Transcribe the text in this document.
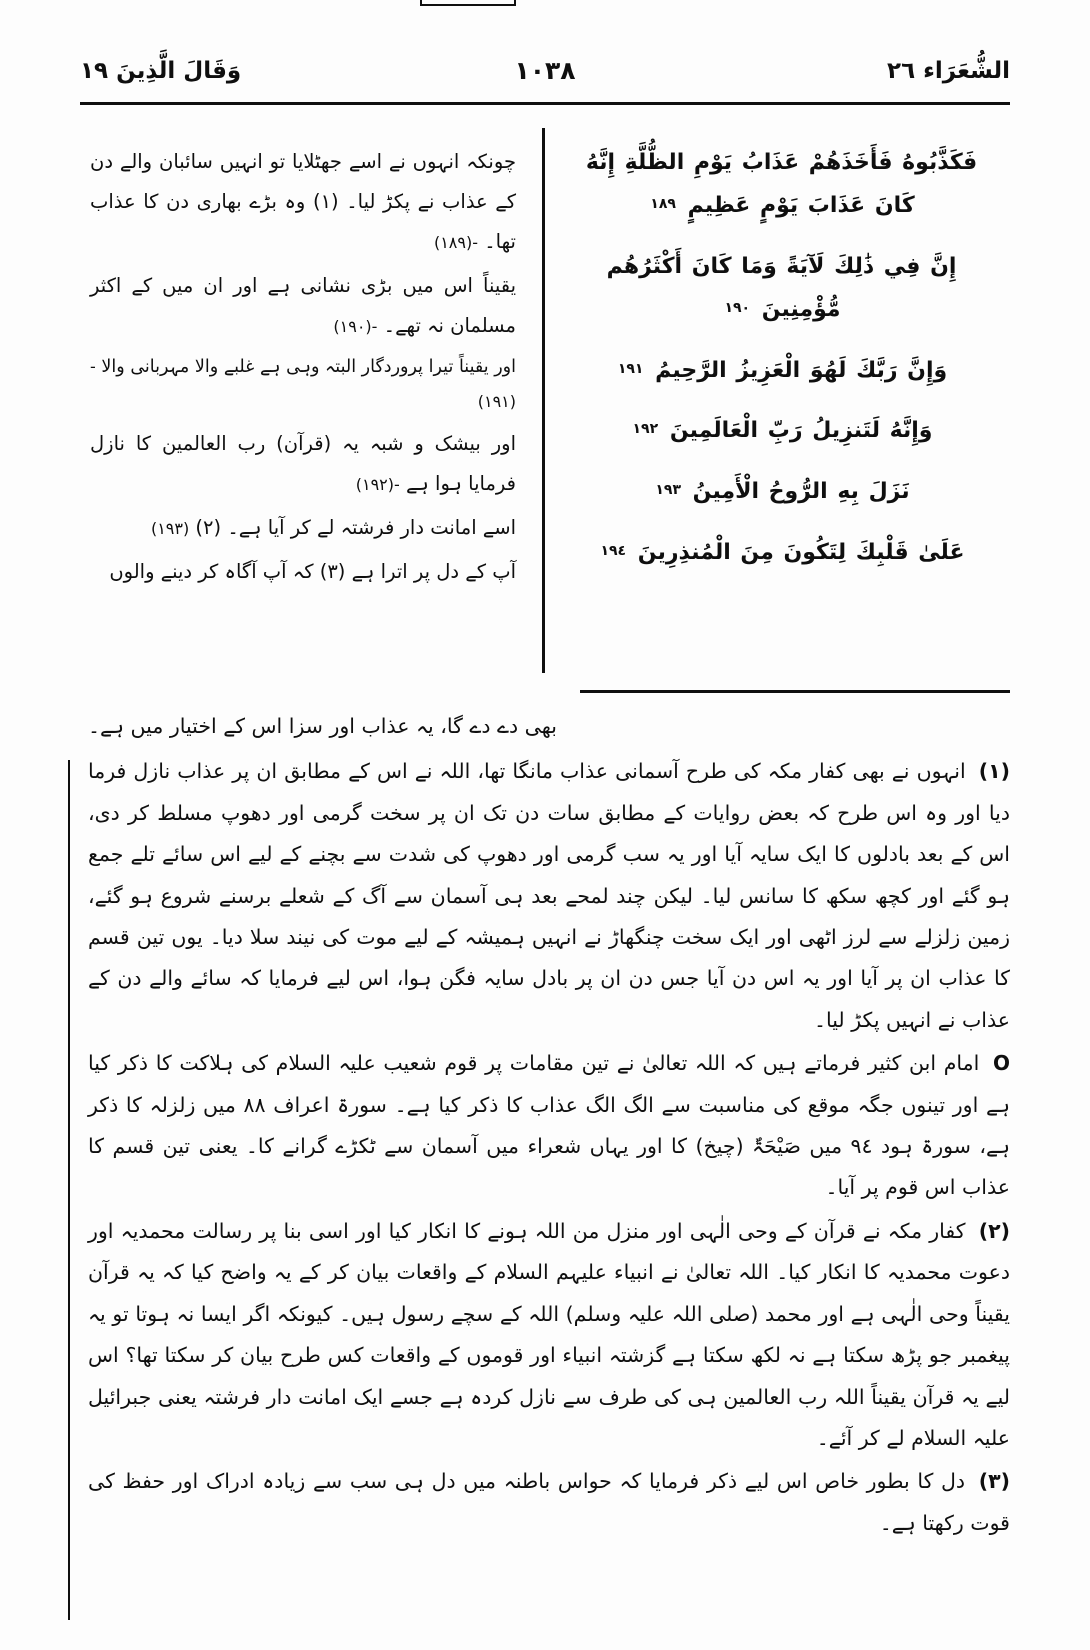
الشُّعَرَاء ٢٦
١٠٣٨
وَقَالَ الَّذِينَ ١٩
فَكَذَّبُوهُ فَأَخَذَهُمْ عَذَابُ يَوْمِ الظُّلَّةِ إِنَّهُ كَانَ عَذَابَ يَوْمٍ عَظِيمٍ ١٨٩
إِنَّ فِي ذَٰلِكَ لَآيَةً وَمَا كَانَ أَكْثَرُهُم مُّؤْمِنِينَ ١٩٠
وَإِنَّ رَبَّكَ لَهُوَ الْعَزِيزُ الرَّحِيمُ ١٩١
وَإِنَّهُ لَتَنزِيلُ رَبِّ الْعَالَمِينَ ١٩٢
نَزَلَ بِهِ الرُّوحُ الْأَمِينُ ١٩٣
عَلَىٰ قَلْبِكَ لِتَكُونَ مِنَ الْمُنذِرِينَ ١٩٤
چونکہ انہوں نے اسے جھٹلایا تو انہیں سائبان والے دن کے عذاب نے پکڑ لیا۔ (١) وہ بڑے بھاری دن کا عذاب تھا۔ -(١٨٩)
یقیناً اس میں بڑی نشانی ہے اور ان میں کے اکثر مسلمان نہ تھے۔ -(١٩٠)
اور یقیناً تیرا پروردگار البتہ وہی ہے غلبے والا مہربانی والا -(١٩١)
اور بیشک و شبہ یہ (قرآن) رب العالمین کا نازل فرمایا ہوا ہے -(١٩٢)
اسے امانت دار فرشتہ لے کر آیا ہے۔ (٢) (١٩٣)
آپ کے دل پر اترا ہے (٣) کہ آپ آگاہ کر دینے والوں
بھی دے دے گا، یہ عذاب اور سزا اس کے اختیار میں ہے۔
(١) انہوں نے بھی کفار مکہ کی طرح آسمانی عذاب مانگا تھا، اللہ نے اس کے مطابق ان پر عذاب نازل فرما دیا اور وہ اس طرح کہ بعض روایات کے مطابق سات دن تک ان پر سخت گرمی اور دھوپ مسلط کر دی، اس کے بعد بادلوں کا ایک سایہ آیا اور یہ سب گرمی اور دھوپ کی شدت سے بچنے کے لیے اس سائے تلے جمع ہو گئے اور کچھ سکھ کا سانس لیا۔ لیکن چند لمحے بعد ہی آسمان سے آگ کے شعلے برسنے شروع ہو گئے، زمین زلزلے سے لرز اٹھی اور ایک سخت چنگھاڑ نے انہیں ہمیشہ کے لیے موت کی نیند سلا دیا۔ یوں تین قسم کا عذاب ان پر آیا اور یہ اس دن آیا جس دن ان پر بادل سایہ فگن ہوا، اس لیے فرمایا کہ سائے والے دن کے عذاب نے انہیں پکڑ لیا۔
O امام ابن کثیر فرماتے ہیں کہ اللہ تعالیٰ نے تین مقامات پر قوم شعیب علیہ السلام کی ہلاکت کا ذکر کیا ہے اور تینوں جگہ موقع کی مناسبت سے الگ الگ عذاب کا ذکر کیا ہے۔ سورۃ اعراف ٨٨ میں زلزلہ کا ذکر ہے، سورۃ ہود ٩٤ میں صَیْحَۃٌ (چیخ) کا اور یہاں شعراء میں آسمان سے ٹکڑے گرانے کا۔ یعنی تین قسم کا عذاب اس قوم پر آیا۔
(٢) کفار مکہ نے قرآن کے وحی الٰہی اور منزل من اللہ ہونے کا انکار کیا اور اسی بنا پر رسالت محمدیہ اور دعوت محمدیہ کا انکار کیا۔ اللہ تعالیٰ نے انبیاء علیہم السلام کے واقعات بیان کر کے یہ واضح کیا کہ یہ قرآن یقیناً وحی الٰہی ہے اور محمد (صلی اللہ علیہ وسلم) اللہ کے سچے رسول ہیں۔ کیونکہ اگر ایسا نہ ہوتا تو یہ پیغمبر جو پڑھ سکتا ہے نہ لکھ سکتا ہے گزشتہ انبیاء اور قوموں کے واقعات کس طرح بیان کر سکتا تھا؟ اس لیے یہ قرآن یقیناً اللہ رب العالمین ہی کی طرف سے نازل کردہ ہے جسے ایک امانت دار فرشتہ یعنی جبرائیل علیہ السلام لے کر آئے۔
(٣) دل کا بطور خاص اس لیے ذکر فرمایا کہ حواس باطنہ میں دل ہی سب سے زیادہ ادراک اور حفظ کی قوت رکھتا ہے۔
